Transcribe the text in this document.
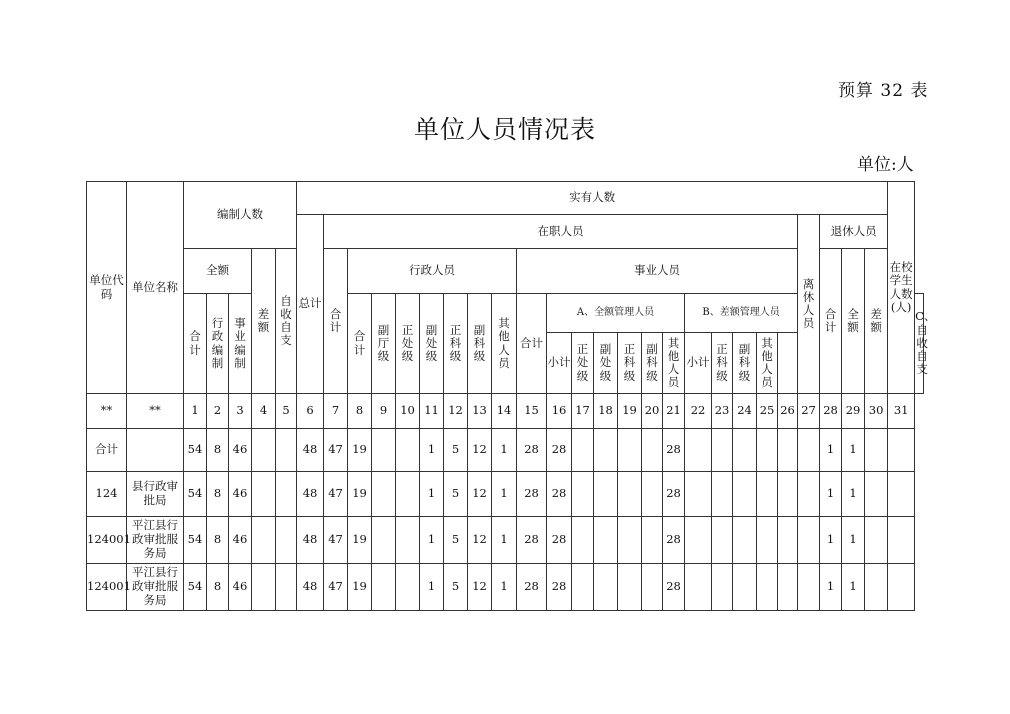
预算 32 表
单位人员情况表
单位:人
单位代码	单位名称	编制人数					实有人数																									在校学生人数(人)	
							总计	在职人员																				离休人员	退休人员				
		全额			差额	自收自支		合计	行政人员							事业人员													合计	全额	差额		
		合计	行政编制	事业编制					合计	副厅级	正处级	副处级	正科级	副科级	其他人员	合计	A、全额管理人员						B、差额管理人员										C、自收自支
																	小计	正处级	副处级	正科级	副科级	其他人员	小计	正科级	副科级	其他人员							
**	**	1	2	3	4	5	6	7	8	9	10	11	12	13	14	15	16	17	18	19	20	21	22	23	24	25	26	27	28	29	30	31	
合计		54	8	46			48	47	19			1	5	12	1	28	28					28							1	1			
124	县行政审批局	54	8	46			48	47	19			1	5	12	1	28	28					28							1	1			
124001	平江县行政审批服务局	54	8	46			48	47	19			1	5	12	1	28	28					28							1	1			
124001	平江县行政审批服务局	54	8	46			48	47	19			1	5	12	1	28	28					28							1	1			
